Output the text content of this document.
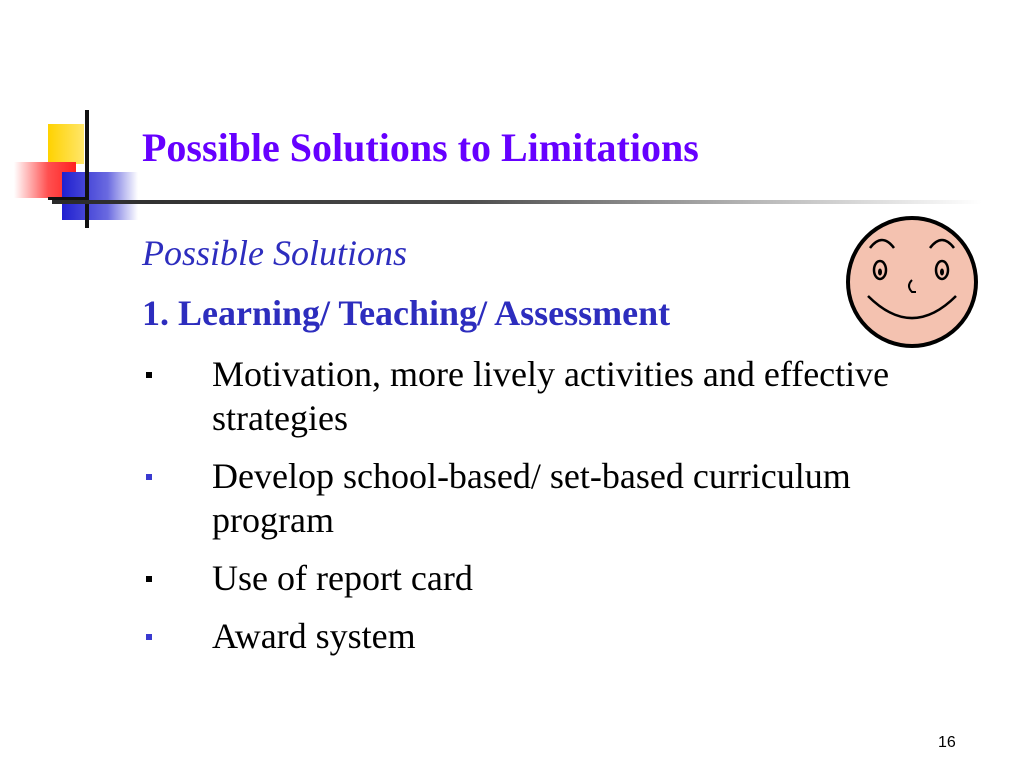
Possible Solutions to Limitations
Possible Solutions
1. Learning/ Teaching/ Assessment
Motivation, more lively activities and effective strategies
Develop school-based/ set-based curriculum program
Use of report card
Award system
16
